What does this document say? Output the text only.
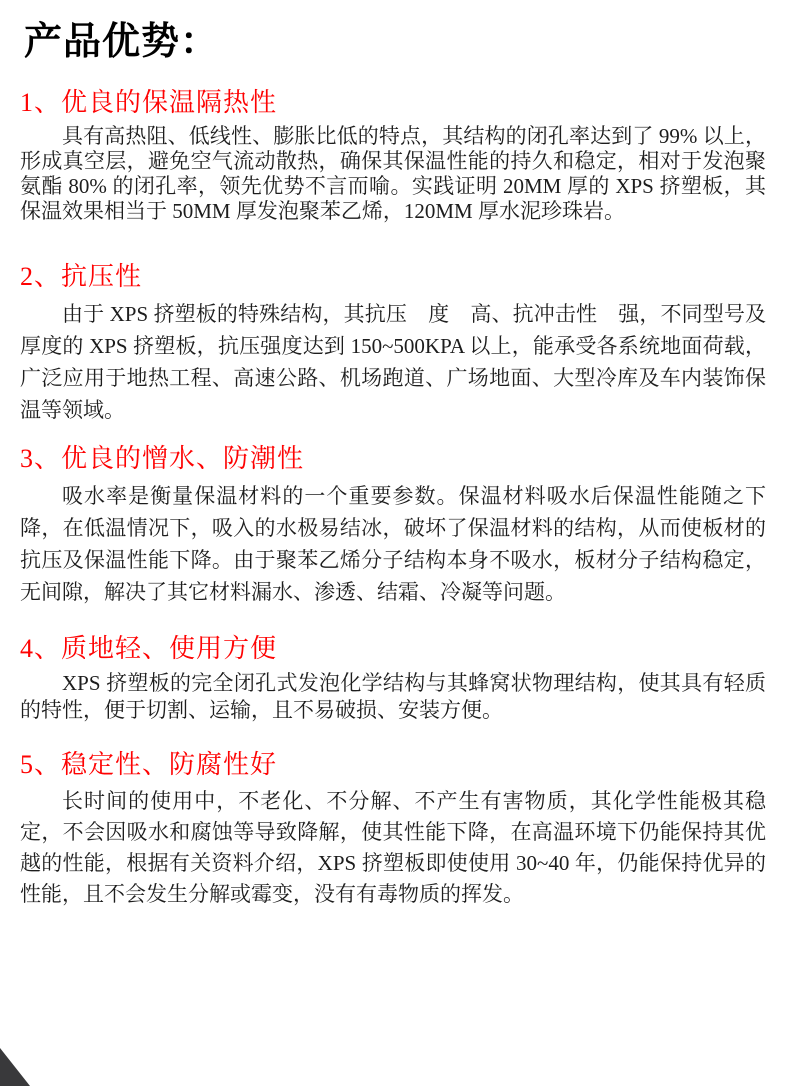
产品优势：
1、优良的保温隔热性

具有高热阻、低线性、膨胀比低的特点，其结构的闭孔率达到了 99% 以上，形成真空层，避免空气流动散热，确保其保温性能的持久和稳定，相对于发泡聚氨酯 80% 的闭孔率，领先优势不言而喻。实践证明 20MM 厚的 XPS 挤塑板，其保温效果相当于 50MM 厚发泡聚苯乙烯，120MM 厚水泥珍珠岩。

2、抗压性

由于 XPS 挤塑板的特殊结构，其抗压　度　高、抗冲击性　强，不同型号及厚度的 XPS 挤塑板，抗压强度达到 150~500KPA 以上，能承受各系统地面荷载，广泛应用于地热工程、高速公路、机场跑道、广场地面、大型冷库及车内装饰保温等领域。

3、优良的憎水、防潮性

吸水率是衡量保温材料的一个重要参数。保温材料吸水后保温性能随之下降，在低温情况下，吸入的水极易结冰，破坏了保温材料的结构，从而使板材的抗压及保温性能下降。由于聚苯乙烯分子结构本身不吸水，板材分子结构稳定，无间隙，解决了其它材料漏水、渗透、结霜、冷凝等问题。

4、质地轻、使用方便

XPS 挤塑板的完全闭孔式发泡化学结构与其蜂窝状物理结构，使其具有轻质的特性，便于切割、运输，且不易破损、安装方便。

5、稳定性、防腐性好

长时间的使用中，不老化、不分解、不产生有害物质，其化学性能极其稳定，不会因吸水和腐蚀等导致降解，使其性能下降，在高温环境下仍能保持其优越的性能，根据有关资料介绍，XPS 挤塑板即使使用 30~40 年，仍能保持优异的性能，且不会发生分解或霉变，没有有毒物质的挥发。
